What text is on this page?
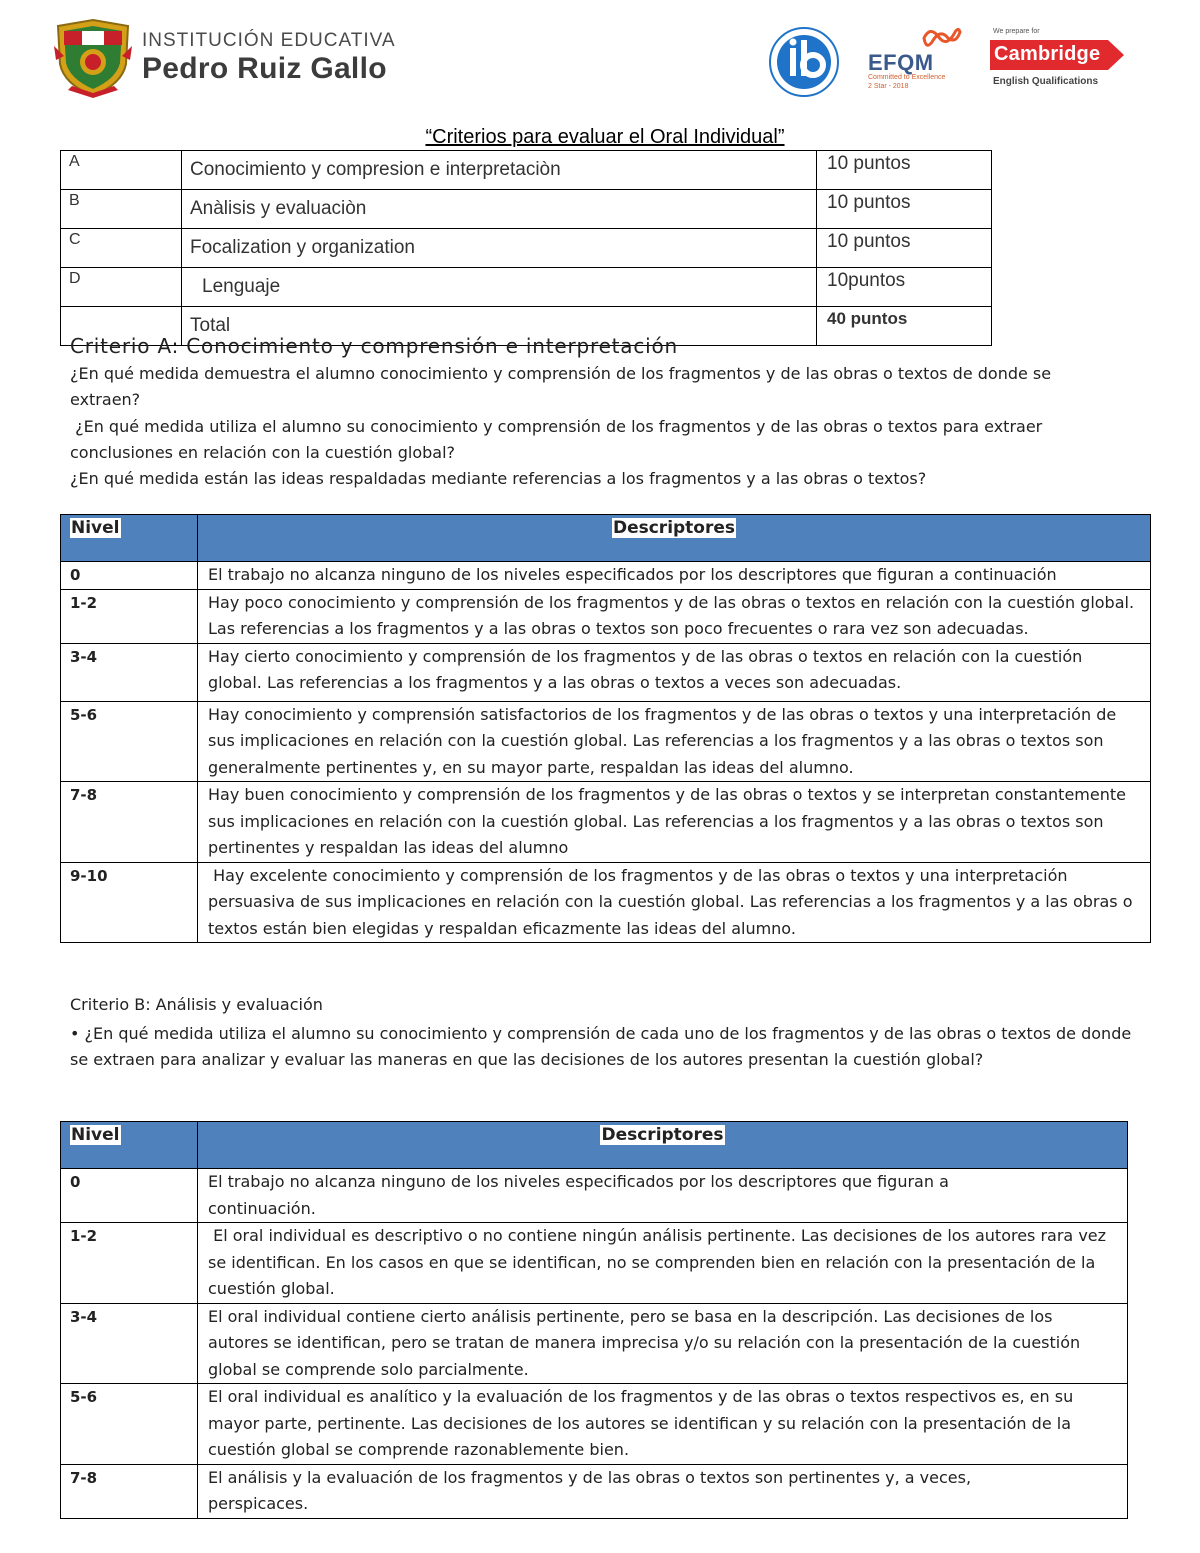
INSTITUCIÓN EDUCATIVA
Pedro Ruiz Gallo	EFQM
Committed to Excellence
2 Star - 2018
We prepare for
Cambridge
English Qualifications
“Criterios para evaluar el Oral Individual”
A	Conocimiento y compresion e interpretaciòn	10 puntos
B	Anàlisis y evaluaciòn	10 puntos
C	Focalization y organization	10 puntos
D	Lenguaje	10puntos
	Total	40 puntos
Criterio A: Conocimiento y comprensión e interpretación
¿En qué medida demuestra el alumno conocimiento y comprensión de los fragmentos y de las obras o textos de donde se extraen?
¿En qué medida utiliza el alumno su conocimiento y comprensión de los fragmentos y de las obras o textos para extraer conclusiones en relación con la cuestión global?
¿En qué medida están las ideas respaldadas mediante referencias a los fragmentos y a las obras o textos?
Nivel	Descriptores
0	El trabajo no alcanza ninguno de los niveles especificados por los descriptores que figuran a continuación
1-2	Hay poco conocimiento y comprensión de los fragmentos y de las obras o textos en relación con la cuestión global. Las referencias a los fragmentos y a las obras o textos son poco frecuentes o rara vez son adecuadas.
3-4	Hay cierto conocimiento y comprensión de los fragmentos y de las obras o textos en relación con la cuestión global. Las referencias a los fragmentos y a las obras o textos a veces son adecuadas.
5-6	Hay conocimiento y comprensión satisfactorios de los fragmentos y de las obras o textos y una interpretación de sus implicaciones en relación con la cuestión global. Las referencias a los fragmentos y a las obras o textos son generalmente pertinentes y, en su mayor parte, respaldan las ideas del alumno.
7-8	Hay buen conocimiento y comprensión de los fragmentos y de las obras o textos y se interpretan constantemente sus implicaciones en relación con la cuestión global. Las referencias a los fragmentos y a las obras o textos son pertinentes y respaldan las ideas del alumno
9-10	Hay excelente conocimiento y comprensión de los fragmentos y de las obras o textos y una interpretación persuasiva de sus implicaciones en relación con la cuestión global. Las referencias a los fragmentos y a las obras o textos están bien elegidas y respaldan eficazmente las ideas del alumno.
Criterio B: Análisis y evaluación
• ¿En qué medida utiliza el alumno su conocimiento y comprensión de cada uno de los fragmentos y de las obras o textos de donde se extraen para analizar y evaluar las maneras en que las decisiones de los autores presentan la cuestión global?
Nivel	Descriptores
0	El trabajo no alcanza ninguno de los niveles especificados por los descriptores que figuran a continuación.
1-2	El oral individual es descriptivo o no contiene ningún análisis pertinente. Las decisiones de los autores rara vez se identifican. En los casos en que se identifican, no se comprenden bien en relación con la presentación de la cuestión global.
3-4	El oral individual contiene cierto análisis pertinente, pero se basa en la descripción. Las decisiones de los autores se identifican, pero se tratan de manera imprecisa y/o su relación con la presentación de la cuestión global se comprende solo parcialmente.
5-6	El oral individual es analítico y la evaluación de los fragmentos y de las obras o textos respectivos es, en su mayor parte, pertinente. Las decisiones de los autores se identifican y su relación con la presentación de la cuestión global se comprende razonablemente bien.
7-8	El análisis y la evaluación de los fragmentos y de las obras o textos son pertinentes y, a veces, perspicaces.
